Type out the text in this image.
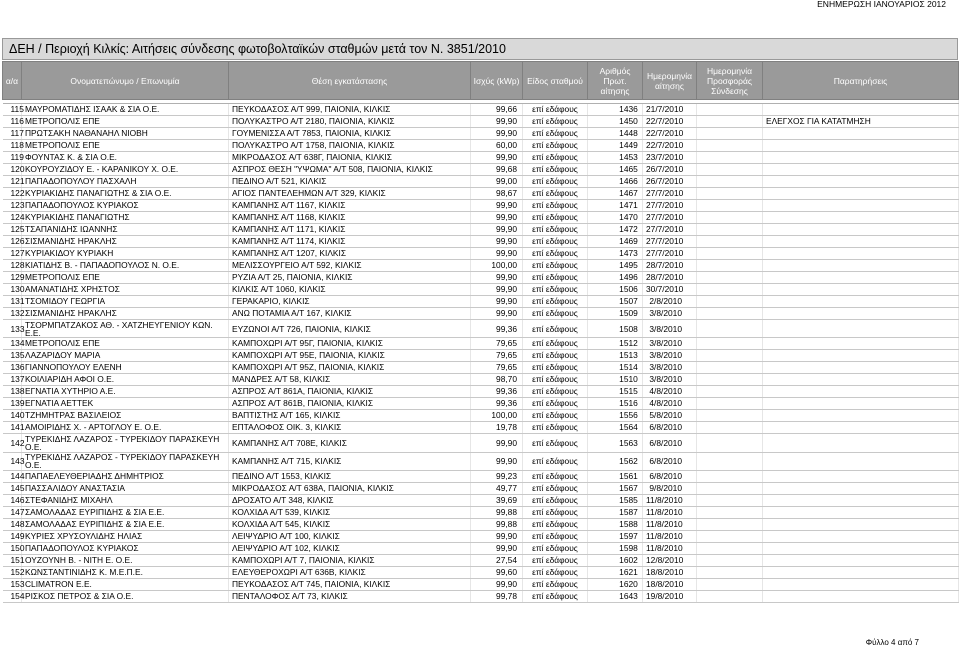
ΕΝΗΜΕΡΩΣΗ ΙΑΝΟΥΑΡΙΟΣ 2012
ΔΕΗ / Περιοχή Κιλκίς: Αιτήσεις σύνδεσης φωτοβολταϊκών σταθμών μετά τον Ν. 3851/2010
α/α	Ονοματεπώνυμο / Επωνυμία	Θέση εγκατάστασης	Ισχύς (kWp)	Είδος σταθμού	Αριθμός Πρωτ. αίτησης	Ημερομηνία αίτησης	Ημερομηνία Προσφοράς Σύνδεσης	Παρατηρήσεις

115	ΜΑΥΡΟΜΑΤΙΔΗΣ ΙΣΑΑΚ & ΣΙΑ Ο.Ε.	ΠΕΥΚΟΔΑΣΟΣ Α/Τ 999, ΠΑΙΟΝΙΑ, ΚΙΛΚΙΣ	99,66	επί εδάφους	1436	21/7/2010		
116	ΜΕΤΡΟΠΟΛΙΣ ΕΠΕ	ΠΟΛΥΚΑΣΤΡΟ Α/Τ 2180, ΠΑΙΟΝΙΑ, ΚΙΛΚΙΣ	99,90	επί εδάφους	1450	22/7/2010		ΕΛΕΓΧΟΣ ΓΙΑ ΚΑΤΑΤΜΗΣΗ
117	ΠΡΩΤΣΑΚΗ ΝΑΘΑΝΑΗΛ ΝΙΟΒΗ	ΓΟΥΜΕΝΙΣΣΑ Α/Τ 7853, ΠΑΙΟΝΙΑ, ΚΙΛΚΙΣ	99,90	επί εδάφους	1448	22/7/2010		
118	ΜΕΤΡΟΠΟΛΙΣ ΕΠΕ	ΠΟΛΥΚΑΣΤΡΟ Α/Τ 1758, ΠΑΙΟΝΙΑ, ΚΙΛΚΙΣ	60,00	επί εδάφους	1449	22/7/2010		
119	ΦΟΥΝΤΑΣ Κ. & ΣΙΑ Ο.Ε.	ΜΙΚΡΟΔΑΣΟΣ Α/Τ 638Γ, ΠΑΙΟΝΙΑ, ΚΙΛΚΙΣ	99,90	επί εδάφους	1453	23/7/2010		
120	ΚΟΥΡΟΥΖΙΔΟΥ Ε. - ΚΑΡΑΝΙΚΟΥ Χ. Ο.Ε.	ΑΣΠΡΟΣ ΘΕΣΗ "ΥΨΩΜΑ" Α/Τ 508, ΠΑΙΟΝΙΑ, ΚΙΛΚΙΣ	99,68	επί εδάφους	1465	26/7/2010		
121	ΠΑΠΑΔΟΠΟΥΛΟΥ ΠΑΣΧΑΛΗ	ΠΕΔΙΝΟ Α/Τ 521, ΚΙΛΚΙΣ	99,00	επί εδάφους	1466	26/7/2010		
122	ΚΥΡΙΑΚΙΔΗΣ ΠΑΝΑΓΙΩΤΗΣ & ΣΙΑ Ο.Ε.	ΑΓΙΟΣ ΠΑΝΤΕΛΕΗΜΩΝ Α/Τ 329, ΚΙΛΚΙΣ	98,67	επί εδάφους	1467	27/7/2010		
123	ΠΑΠΑΔΟΠΟΥΛΟΣ ΚΥΡΙΑΚΟΣ	ΚΑΜΠΑΝΗΣ Α/Τ 1167, ΚΙΛΚΙΣ	99,90	επί εδάφους	1471	27/7/2010		
124	ΚΥΡΙΑΚΙΔΗΣ ΠΑΝΑΓΙΩΤΗΣ	ΚΑΜΠΑΝΗΣ Α/Τ 1168, ΚΙΛΚΙΣ	99,90	επί εδάφους	1470	27/7/2010		
125	ΤΣΑΠΑΝΙΔΗΣ ΙΩΑΝΝΗΣ	ΚΑΜΠΑΝΗΣ Α/Τ 1171, ΚΙΛΚΙΣ	99,90	επί εδάφους	1472	27/7/2010		
126	ΣΙΣΜΑΝΙΔΗΣ ΗΡΑΚΛΗΣ	ΚΑΜΠΑΝΗΣ Α/Τ 1174, ΚΙΛΚΙΣ	99,90	επί εδάφους	1469	27/7/2010		
127	ΚΥΡΙΑΚΙΔΟΥ ΚΥΡΙΑΚΗ	ΚΑΜΠΑΝΗΣ Α/Τ 1207, ΚΙΛΚΙΣ	99,90	επί εδάφους	1473	27/7/2010		
128	ΚΙΑΤΙΔΗΣ Β. - ΠΑΠΑΔΟΠΟΥΛΟΣ Ν. Ο.Ε.	ΜΕΛΙΣΣΟΥΡΓΕΙΟ Α/Τ 592, ΚΙΛΚΙΣ	100,00	επί εδάφους	1495	28/7/2010		
129	ΜΕΤΡΟΠΟΛΙΣ ΕΠΕ	ΡΥΖΙΑ Α/Τ 25, ΠΑΙΟΝΙΑ, ΚΙΛΚΙΣ	99,90	επί εδάφους	1496	28/7/2010		
130	ΑΜΑΝΑΤΙΔΗΣ ΧΡΗΣΤΟΣ	ΚΙΛΚΙΣ Α/Τ 1060, ΚΙΛΚΙΣ	99,90	επί εδάφους	1506	30/7/2010		
131	ΤΣΟΜΙΔΟΥ ΓΕΩΡΓΙΑ	ΓΕΡΑΚΑΡΙΟ, ΚΙΛΚΙΣ	99,90	επί εδάφους	1507	2/8/2010		
132	ΣΙΣΜΑΝΙΔΗΣ ΗΡΑΚΛΗΣ	ΑΝΩ ΠΟΤΑΜΙΑ Α/Τ 167, ΚΙΛΚΙΣ	99,90	επί εδάφους	1509	3/8/2010		
133	ΤΣΟΡΜΠΑΤΖΑΚΟΣ ΑΘ. - ΧΑΤΖΗΕΥΓΕΝΙΟΥ ΚΩΝ. Ε.Ε.	ΕΥΖΩΝΟΙ Α/Τ 726, ΠΑΙΟΝΙΑ, ΚΙΛΚΙΣ	99,36	επί εδάφους	1508	3/8/2010		
134	ΜΕΤΡΟΠΟΛΙΣ ΕΠΕ	ΚΑΜΠΟΧΩΡΙ Α/Τ 95Γ, ΠΑΙΟΝΙΑ, ΚΙΛΚΙΣ	79,65	επί εδάφους	1512	3/8/2010		
135	ΛΑΖΑΡΙΔΟΥ ΜΑΡΙΑ	ΚΑΜΠΟΧΩΡΙ Α/Τ 95Ε, ΠΑΙΟΝΙΑ, ΚΙΛΚΙΣ	79,65	επί εδάφους	1513	3/8/2010		
136	ΓΙΑΝΝΟΠΟΥΛΟΥ ΕΛΕΝΗ	ΚΑΜΠΟΧΩΡΙ Α/Τ 95Ζ, ΠΑΙΟΝΙΑ, ΚΙΛΚΙΣ	79,65	επί εδάφους	1514	3/8/2010		
137	ΚΟΙΛΙΑΡΙΔΗ ΑΦΟΙ Ο.Ε.	ΜΑΝΔΡΕΣ Α/Τ 58, ΚΙΛΚΙΣ	98,70	επί εδάφους	1510	3/8/2010		
138	ΕΓΝΑΤΙΑ ΧΥΤΗΡΙΟ Α.Ε.	ΑΣΠΡΟΣ Α/Τ 861Α, ΠΑΙΟΝΙΑ, ΚΙΛΚΙΣ	99,36	επί εδάφους	1515	4/8/2010		
139	ΕΓΝΑΤΙΑ ΑΕΤΤΕΚ	ΑΣΠΡΟΣ Α/Τ 861Β, ΠΑΙΟΝΙΑ, ΚΙΛΚΙΣ	99,36	επί εδάφους	1516	4/8/2010		
140	ΤΖΗΜΗΤΡΑΣ ΒΑΣΙΛΕΙΟΣ	ΒΑΠΤΙΣΤΗΣ Α/Τ 165, ΚΙΛΚΙΣ	100,00	επί εδάφους	1556	5/8/2010		
141	ΑΜΟΙΡΙΔΗΣ Χ. - ΑΡΤΟΓΛΟΥ Ε. Ο.Ε.	ΕΠΤΑΛΟΦΟΣ ΟΙΚ. 3, ΚΙΛΚΙΣ	19,78	επί εδάφους	1564	6/8/2010		
142	ΤΥΡΕΚΙΔΗΣ ΛΑΖΑΡΟΣ - ΤΥΡΕΚΙΔΟΥ ΠΑΡΑΣΚΕΥΗ Ο.Ε.	ΚΑΜΠΑΝΗΣ Α/Τ 708Ε, ΚΙΛΚΙΣ	99,90	επί εδάφους	1563	6/8/2010		
143	ΤΥΡΕΚΙΔΗΣ ΛΑΖΑΡΟΣ - ΤΥΡΕΚΙΔΟΥ ΠΑΡΑΣΚΕΥΗ Ο.Ε.	ΚΑΜΠΑΝΗΣ Α/Τ 715, ΚΙΛΚΙΣ	99,90	επί εδάφους	1562	6/8/2010		
144	ΠΑΠΑΕΛΕΥΘΕΡΙΑΔΗΣ ΔΗΜΗΤΡΙΟΣ	ΠΕΔΙΝΟ Α/Τ 1553, ΚΙΛΚΙΣ	99,23	επί εδάφους	1561	6/8/2010		
145	ΠΑΣΣΑΛΙΔΟΥ ΑΝΑΣΤΑΣΙΑ	ΜΙΚΡΟΔΑΣΟΣ Α/Τ 638Α, ΠΑΙΟΝΙΑ, ΚΙΛΚΙΣ	49,77	επί εδάφους	1567	9/8/2010		
146	ΣΤΕΦΑΝΙΔΗΣ ΜΙΧΑΗΛ	ΔΡΟΣΑΤΟ Α/Τ 348, ΚΙΛΚΙΣ	39,69	επί εδάφους	1585	11/8/2010		
147	ΣΑΜΟΛΑΔΑΣ ΕΥΡΙΠΙΔΗΣ & ΣΙΑ Ε.Ε.	ΚΟΛΧΙΔΑ Α/Τ 539, ΚΙΛΚΙΣ	99,88	επί εδάφους	1587	11/8/2010		
148	ΣΑΜΟΛΑΔΑΣ ΕΥΡΙΠΙΔΗΣ & ΣΙΑ Ε.Ε.	ΚΟΛΧΙΔΑ Α/Τ 545, ΚΙΛΚΙΣ	99,88	επί εδάφους	1588	11/8/2010		
149	ΚΥΡΙΕΣ ΧΡΥΣΟΥΛΙΔΗΣ ΗΛΙΑΣ	ΛΕΙΨΥΔΡΙΟ Α/Τ 100, ΚΙΛΚΙΣ	99,90	επί εδάφους	1597	11/8/2010		
150	ΠΑΠΑΔΟΠΟΥΛΟΣ ΚΥΡΙΑΚΟΣ	ΛΕΙΨΥΔΡΙΟ Α/Τ 102, ΚΙΛΚΙΣ	99,90	επί εδάφους	1598	11/8/2010		
151	ΟΥΖΟΥΝΗ Β. - ΝΙΤΗ Ε. Ο.Ε.	ΚΑΜΠΟΧΩΡΙ Α/Τ 7, ΠΑΙΟΝΙΑ, ΚΙΛΚΙΣ	27,54	επί εδάφους	1602	12/8/2010		
152	ΚΩΝΣΤΑΝΤΙΝΙΔΗΣ Κ. Μ.Ε.Π.Ε.	ΕΛΕΥΘΕΡΟΧΩΡΙ Α/Τ 636Β, ΚΙΛΚΙΣ	99,60	επί εδάφους	1621	18/8/2010		
153	CLIMATRON Ε.Ε.	ΠΕΥΚΟΔΑΣΟΣ Α/Τ 745, ΠΑΙΟΝΙΑ, ΚΙΛΚΙΣ	99,90	επί εδάφους	1620	18/8/2010		
154	ΡΙΣΚΟΣ ΠΕΤΡΟΣ & ΣΙΑ Ο.Ε.	ΠΕΝΤΑΛΟΦΟΣ Α/Τ 73, ΚΙΛΚΙΣ	99,78	επί εδάφους	1643	19/8/2010		
Φύλλο 4 από 7
